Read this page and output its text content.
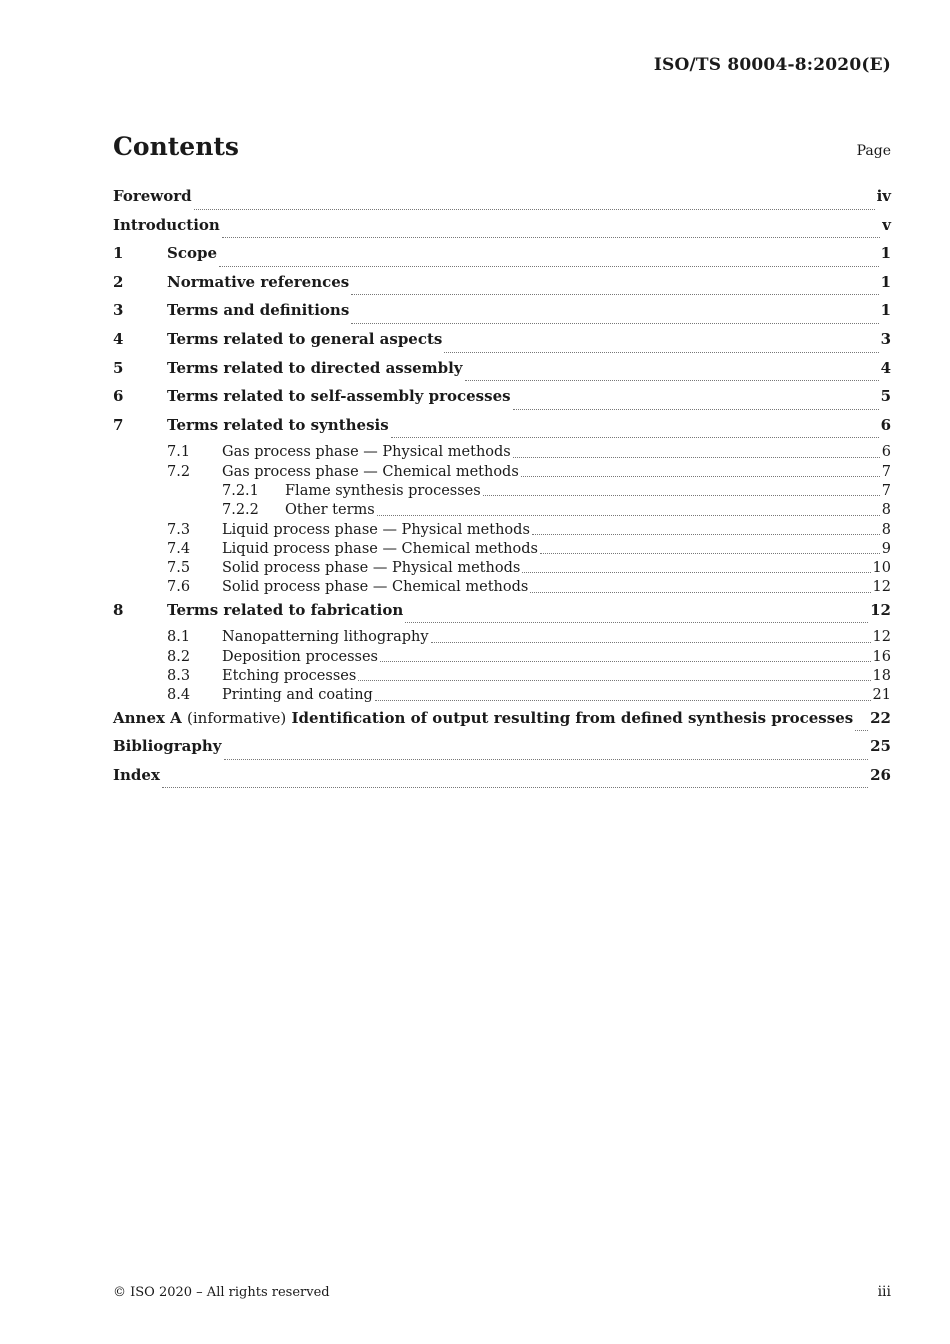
ISO/TS 80004-8:2020(E)
Contents	Page
Foreword	iv
Introduction	v
1	Scope	1
2	Normative references	1
3	Terms and definitions	1
4	Terms related to general aspects	3
5	Terms related to directed assembly	4
6	Terms related to self-assembly processes	5
7	Terms related to synthesis	6
7.1	Gas process phase — Physical methods	6
7.2	Gas process phase — Chemical methods	7
7.2.1	Flame synthesis processes	7
7.2.2	Other terms	8
7.3	Liquid process phase — Physical methods	8
7.4	Liquid process phase — Chemical methods	9
7.5	Solid process phase — Physical methods	10
7.6	Solid process phase — Chemical methods	12
8	Terms related to fabrication	12
8.1	Nanopatterning lithography	12
8.2	Deposition processes	16
8.3	Etching processes	18
8.4	Printing and coating	21
Annex A (informative) Identification of output resulting from defined synthesis processes 22
Bibliography	25
Index	26
© ISO 2020 – All rights reserved	iii
